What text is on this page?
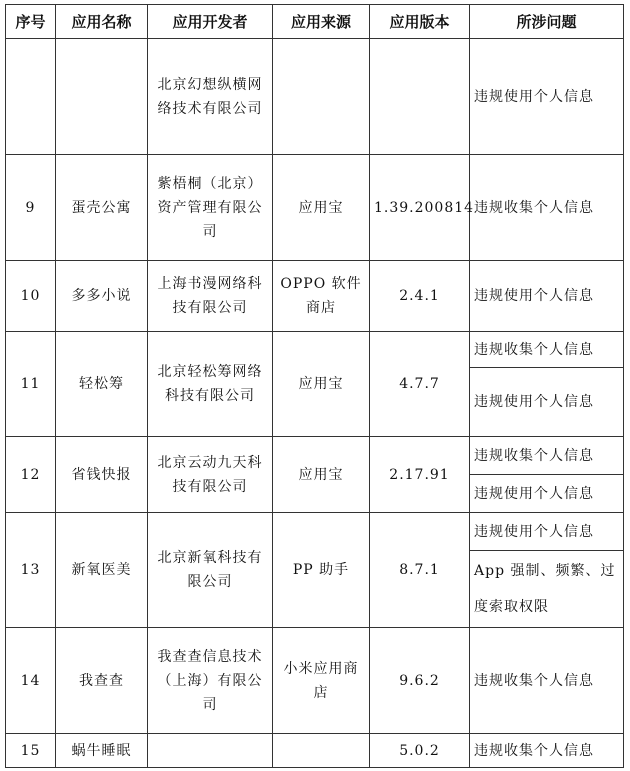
序号	应用名称	应用开发者	应用来源	应用版本	所涉问题
		北京幻想纵横网络技术有限公司			违规使用个人信息
9	蛋壳公寓	紫梧桐（北京）资产管理有限公司	应用宝	1.39.200814	违规收集个人信息
10	多多小说	上海书漫网络科技有限公司	OPPO 软件商店	2.4.1	违规使用个人信息
11	轻松筹	北京轻松筹网络科技有限公司	应用宝	4.7.7	违规收集个人信息
					违规使用个人信息
12	省钱快报	北京云动九天科技有限公司	应用宝	2.17.91	违规收集个人信息
					违规使用个人信息
13	新氧医美	北京新氧科技有限公司	PP 助手	8.7.1	违规使用个人信息
					App 强制、频繁、过度索取权限
14	我查查	我查查信息技术（上海）有限公司	小米应用商店	9.6.2	违规收集个人信息
15	蜗牛睡眠			5.0.2	违规收集个人信息
